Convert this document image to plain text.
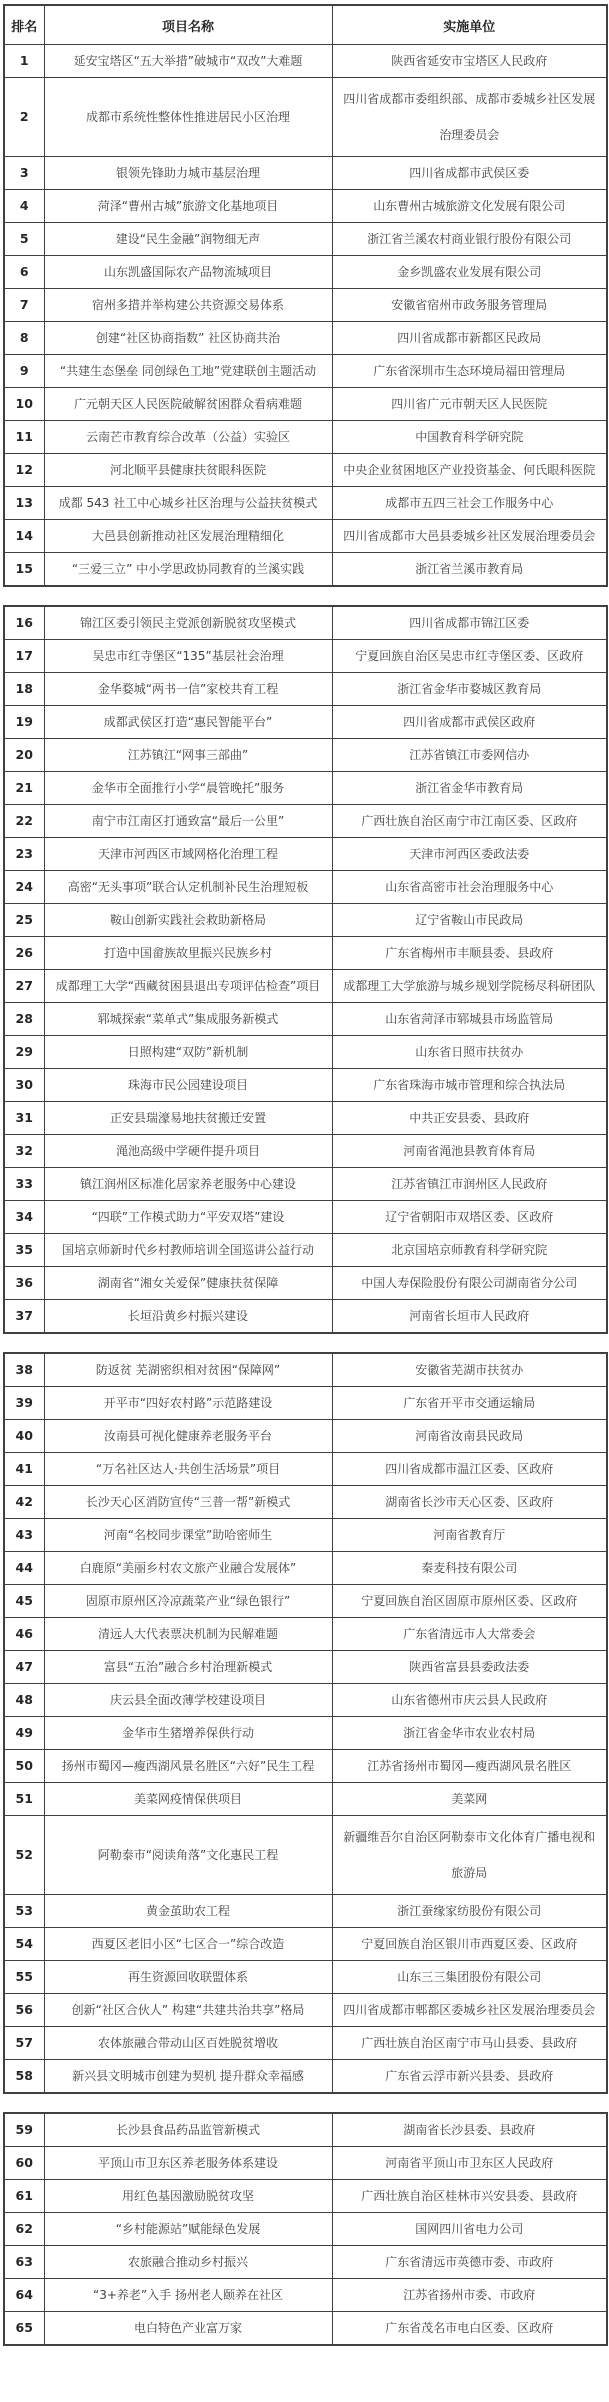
排名	项目名称	实施单位
1	延安宝塔区“五大举措”破城市“双改”大难题	陕西省延安市宝塔区人民政府
2	成都市系统性整体性推进居民小区治理	四川省成都市委组织部、成都市委城乡社区发展治理委员会
3	银领先锋助力城市基层治理	四川省成都市武侯区委
4	菏泽“曹州古城”旅游文化基地项目	山东曹州古城旅游文化发展有限公司
5	建设“民生金融”润物细无声	浙江省兰溪农村商业银行股份有限公司
6	山东凯盛国际农产品物流城项目	金乡凯盛农业发展有限公司
7	宿州多措并举构建公共资源交易体系	安徽省宿州市政务服务管理局
8	创建“社区协商指数” 社区协商共治	四川省成都市新都区民政局
9	“共建生态堡垒 同创绿色工地”党建联创主题活动	广东省深圳市生态环境局福田管理局
10	广元朝天区人民医院破解贫困群众看病难题	四川省广元市朝天区人民医院
11	云南芒市教育综合改革（公益）实验区	中国教育科学研究院
12	河北顺平县健康扶贫眼科医院	中央企业贫困地区产业投资基金、何氏眼科医院
13	成都 543 社工中心城乡社区治理与公益扶贫模式	成都市五四三社会工作服务中心
14	大邑县创新推动社区发展治理精细化	四川省成都市大邑县委城乡社区发展治理委员会
15	“三爱三立” 中小学思政协同教育的兰溪实践	浙江省兰溪市教育局
16	锦江区委引领民主党派创新脱贫攻坚模式	四川省成都市锦江区委
17	吴忠市红寺堡区“135”基层社会治理	宁夏回族自治区吴忠市红寺堡区委、区政府
18	金华婺城“两书一信”家校共育工程	浙江省金华市婺城区教育局
19	成都武侯区打造“惠民智能平台”	四川省成都市武侯区政府
20	江苏镇江“网事三部曲”	江苏省镇江市委网信办
21	金华市全面推行小学“晨管晚托”服务	浙江省金华市教育局
22	南宁市江南区打通致富“最后一公里”	广西壮族自治区南宁市江南区委、区政府
23	天津市河西区市域网格化治理工程	天津市河西区委政法委
24	高密“无头事项”联合认定机制补民生治理短板	山东省高密市社会治理服务中心
25	鞍山创新实践社会救助新格局	辽宁省鞍山市民政局
26	打造中国畲族故里振兴民族乡村	广东省梅州市丰顺县委、县政府
27	成都理工大学“西藏贫困县退出专项评估检查”项目	成都理工大学旅游与城乡规划学院杨尽科研团队
28	郓城探索“菜单式”集成服务新模式	山东省菏泽市郓城县市场监管局
29	日照构建“双防”新机制	山东省日照市扶贫办
30	珠海市民公园建设项目	广东省珠海市城市管理和综合执法局
31	正安县瑞濠易地扶贫搬迁安置	中共正安县委、县政府
32	渑池高级中学硬件提升项目	河南省渑池县教育体育局
33	镇江润州区标准化居家养老服务中心建设	江苏省镇江市润州区人民政府
34	“四联”工作模式助力“平安双塔”建设	辽宁省朝阳市双塔区委、区政府
35	国培京师新时代乡村教师培训全国巡讲公益行动	北京国培京师教育科学研究院
36	湖南省“湘女关爱保”健康扶贫保障	中国人寿保险股份有限公司湖南省分公司
37	长垣沿黄乡村振兴建设	河南省长垣市人民政府
38	防返贫 芜湖密织相对贫困“保障网”	安徽省芜湖市扶贫办
39	开平市“四好农村路”示范路建设	广东省开平市交通运输局
40	汝南县可视化健康养老服务平台	河南省汝南县民政局
41	“万名社区达人·共创生活场景”项目	四川省成都市温江区委、区政府
42	长沙天心区消防宣传“三普一帮”新模式	湖南省长沙市天心区委、区政府
43	河南“名校同步课堂”助哈密师生	河南省教育厅
44	白鹿原“美丽乡村农文旅产业融合发展体”	秦麦科技有限公司
45	固原市原州区冷凉蔬菜产业“绿色银行”	宁夏回族自治区固原市原州区委、区政府
46	清远人大代表票决机制为民解难题	广东省清远市人大常委会
47	富县“五治”融合乡村治理新模式	陕西省富县县委政法委
48	庆云县全面改薄学校建设项目	山东省德州市庆云县人民政府
49	金华市生猪增养保供行动	浙江省金华市农业农村局
50	扬州市蜀冈—瘦西湖风景名胜区“六好”民生工程	江苏省扬州市蜀冈—瘦西湖风景名胜区
51	美菜网疫情保供项目	美菜网
52	阿勒泰市“阅读角落”文化惠民工程	新疆维吾尔自治区阿勒泰市文化体育广播电视和旅游局
53	黄金茧助农工程	浙江蚕缘家纺股份有限公司
54	西夏区老旧小区“七区合一”综合改造	宁夏回族自治区银川市西夏区委、区政府
55	再生资源回收联盟体系	山东三三集团股份有限公司
56	创新“社区合伙人” 构建“共建共治共享”格局	四川省成都市郫都区委城乡社区发展治理委员会
57	农体旅融合带动山区百姓脱贫增收	广西壮族自治区南宁市马山县委、县政府
58	新兴县文明城市创建为契机 提升群众幸福感	广东省云浮市新兴县委、县政府
59	长沙县食品药品监管新模式	湖南省长沙县委、县政府
60	平顶山市卫东区养老服务体系建设	河南省平顶山市卫东区人民政府
61	用红色基因激励脱贫攻坚	广西壮族自治区桂林市兴安县委、县政府
62	“乡村能源站”赋能绿色发展	国网四川省电力公司
63	农旅融合推动乡村振兴	广东省清远市英德市委、市政府
64	“3+养老”入手 扬州老人颐养在社区	江苏省扬州市委、市政府
65	电白特色产业富万家	广东省茂名市电白区委、区政府
